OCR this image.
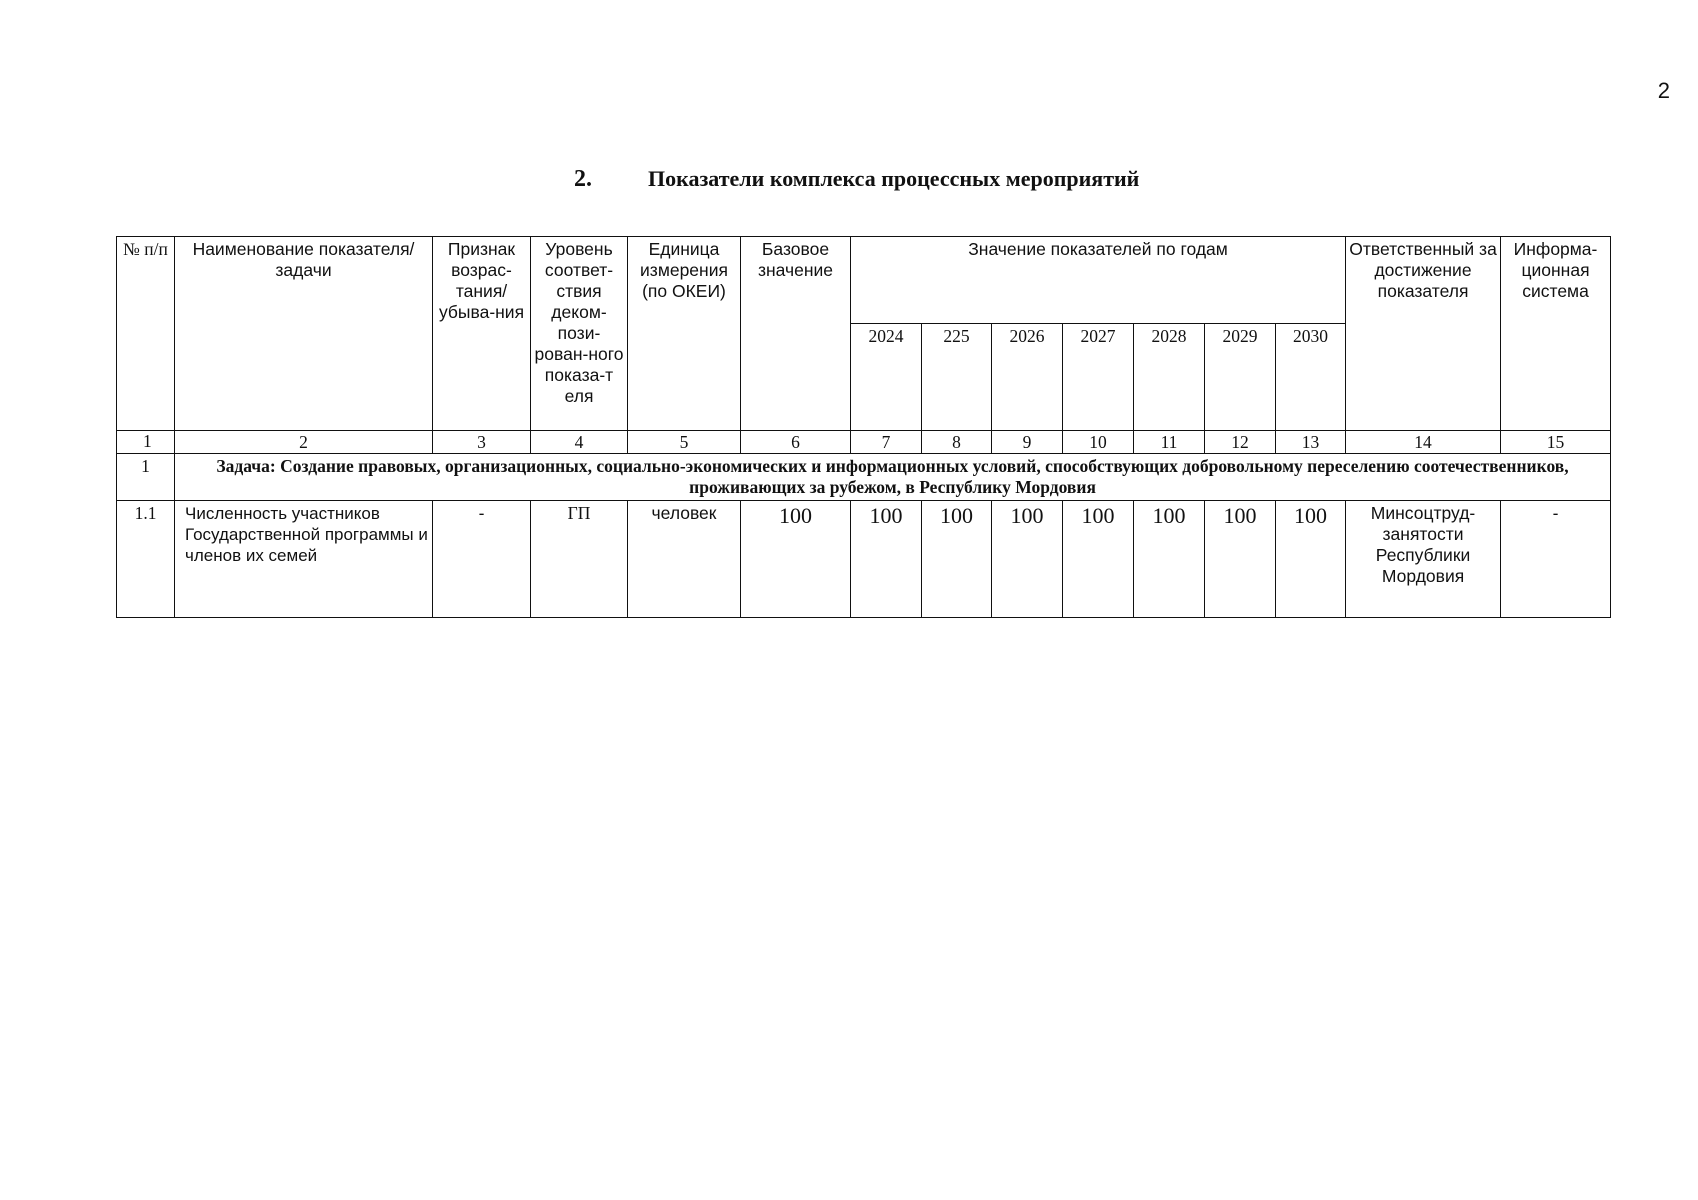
2
2.	Показатели комплекса процессных мероприятий
№ п/п	Наименование показателя/ задачи	Признак возрас-тания/ убыва-ния	Уровень соответ-ствия деком-пози-рован-ного показа-т еля	Единица измерения (по ОКЕИ)	Базовое значение	Значение показателей по годам							Ответственный за достижение показателя	Информа-ционная система
						2024	225	2026	2027	2028	2029	2030		
1	2	3	4	5	6	7	8	9	10	11	12	13	14	15
1	Задача: Создание правовых, организационных, социально-экономических и информационных условий, способствующих добровольному переселению соотечественников, проживающих за рубежом, в Республику Мордовия													
1.1	Численность участников Государственной программы и членов их семей	-	ГП	человек	100	100	100	100	100	100	100	100	Минсоцтруд-занятости Республики Мордовия	-
